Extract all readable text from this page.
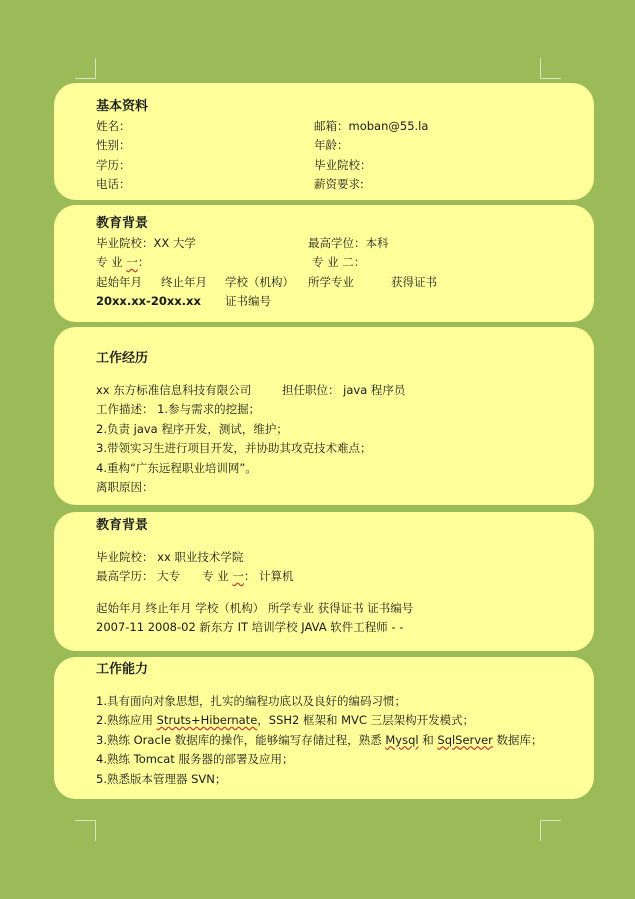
基本资料
姓名：	邮箱：moban@55.la
性别：	年龄：
学历：	毕业院校：
电话：	薪资要求:
教育背景
毕业院校：XX 大学	最高学位：本科
专 业 一：	专 业 二：
起始年月 终止年月 学校（机构） 所学专业	获得证书
20xx.xx-20xx.xx 证书编号
工作经历
xx 东方标准信息科技有限公司	担任职位： java 程序员
工作描述： 1.参与需求的挖掘；
2.负责 java 程序开发，测试，维护；
3.带领实习生进行项目开发，并协助其攻克技术难点；
4.重构“广东远程职业培训网”。
离职原因：
教育背景
毕业院校： xx 职业技术学院
最高学历： 大专      专 业 一： 计算机
起始年月 终止年月 学校（机构） 所学专业 获得证书 证书编号
2007-11 2008-02 新东方 IT 培训学校 JAVA 软件工程师 - -
工作能力
1.具有面向对象思想，扎实的编程功底以及良好的编码习惯；
2.熟练应用 Struts+Hibernate，SSH2 框架和 MVC 三层架构开发模式；
3.熟练 Oracle 数据库的操作，能够编写存储过程，熟悉 Mysql 和 SqlServer 数据库；
4.熟练 Tomcat 服务器的部署及应用；
5.熟悉版本管理器 SVN；
